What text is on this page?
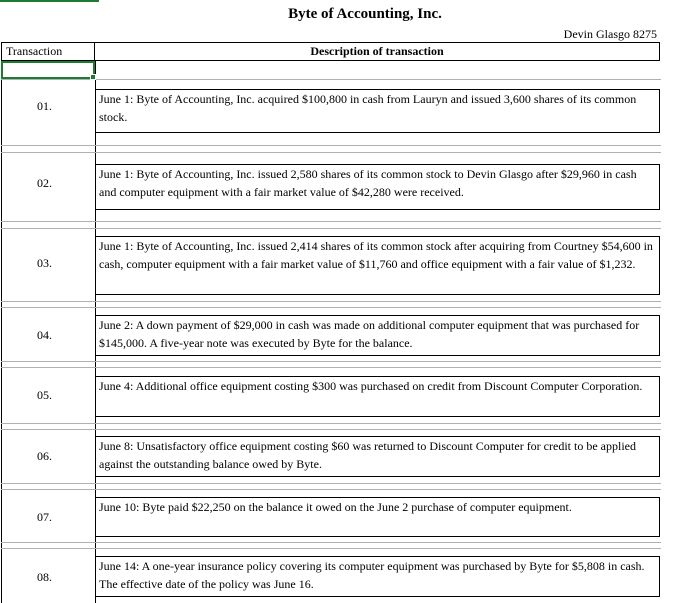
Byte of Accounting, Inc.
Devin Glasgo 8275
Transaction	Description of transaction
01.	June 1: Byte of Accounting, Inc. acquired $100,800 in cash from Lauryn and issued 3,600 shares of its common stock.
02.
June 1: Byte of Accounting, Inc. issued 2,580 shares of its common stock to Devin Glasgo after $29,960 in cash and computer equipment with a fair market value of $42,280 were received.
03.
June 1: Byte of Accounting, Inc. issued 2,414 shares of its common stock after acquiring from Courtney $54,600 in cash, computer equipment with a fair market value of $11,760 and office equipment with a fair value of $1,232.
04.
June 2: A down payment of $29,000 in cash was made on additional computer equipment that was purchased for $145,000. A five-year note was executed by Byte for the balance.
05.
June 4: Additional office equipment costing $300 was purchased on credit from Discount Computer Corporation.
06.
June 8: Unsatisfactory office equipment costing $60 was returned to Discount Computer for credit to be applied against the outstanding balance owed by Byte.
07.
June 10: Byte paid $22,250 on the balance it owed on the June 2 purchase of computer equipment.
08.
June 14: A one-year insurance policy covering its computer equipment was purchased by Byte for $5,808 in cash. The effective date of the policy was June 16.
